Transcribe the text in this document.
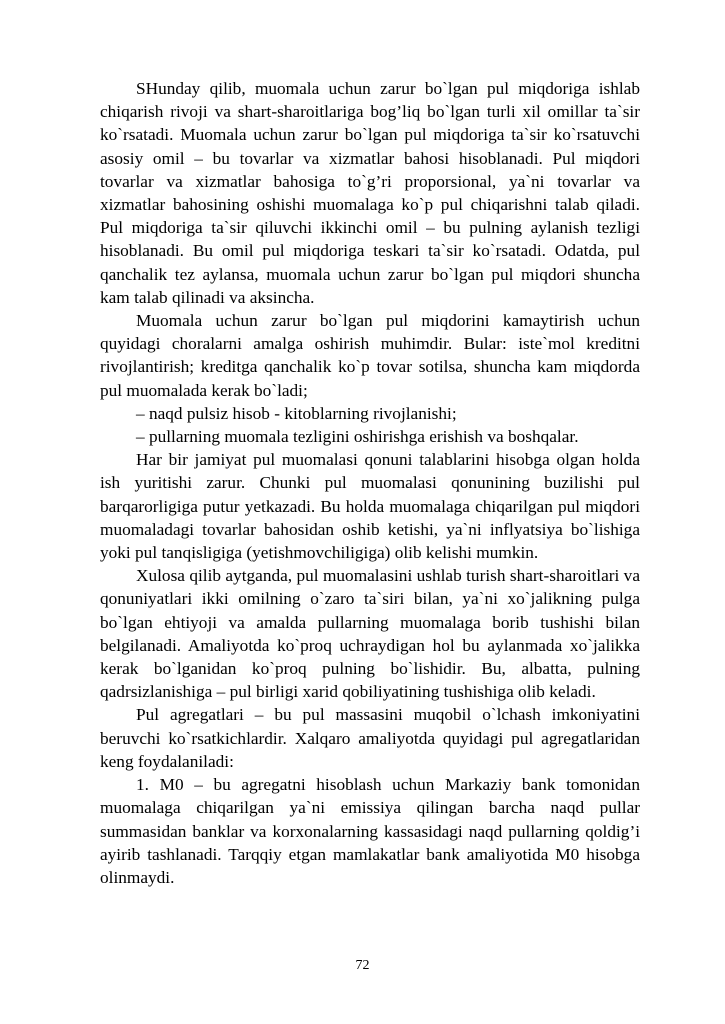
SHunday qilib, muomala uchun zarur bo`lgan pul miqdoriga ishlab chiqarish rivoji va shart-sharoitlariga bog’liq bo`lgan turli xil omillar ta`sir ko`rsatadi. Muomala uchun zarur bo`lgan pul miqdoriga ta`sir ko`rsatuvchi asosiy omil – bu tovarlar va xizmatlar bahosi hisoblanadi. Pul miqdori tovarlar va xizmatlar bahosiga to`g’ri proporsional, ya`ni tovarlar va xizmatlar bahosining oshishi muomalaga ko`p pul chiqarishni talab qiladi. Pul miqdoriga ta`sir qiluvchi ikkinchi omil – bu pulning aylanish tezligi hisoblanadi. Bu omil pul miqdoriga teskari ta`sir ko`rsatadi. Odatda, pul qanchalik tez aylansa, muomala uchun zarur bo`lgan pul miqdori shuncha kam talab qilinadi va aksincha.

Muomala uchun zarur bo`lgan pul miqdorini kamaytirish uchun quyidagi choralarni amalga oshirish muhimdir. Bular: iste`mol kreditni rivojlantirish; kreditga qanchalik ko`p tovar sotilsa, shuncha kam miqdorda pul muomalada kerak bo`ladi;

– naqd pulsiz hisob - kitoblarning rivojlanishi;

– pullarning muomala tezligini oshirishga erishish va boshqalar.

Har bir jamiyat pul muomalasi qonuni talablarini hisobga olgan holda ish yuritishi zarur. Chunki pul muomalasi qonunining buzilishi pul barqarorligiga putur yetkazadi. Bu holda muomalaga chiqarilgan pul miqdori muomaladagi tovarlar bahosidan oshib ketishi, ya`ni inflyatsiya bo`lishiga yoki pul tanqisligiga (yetishmovchiligiga) olib kelishi mumkin.

Xulosa qilib aytganda, pul muomalasini ushlab turish shart-sharoitlari va qonuniyatlari ikki omilning o`zaro ta`siri bilan, ya`ni xo`jalikning pulga bo`lgan ehtiyoji va amalda pullarning muomalaga borib tushishi bilan belgilanadi. Amaliyotda ko`proq uchraydigan hol bu aylanmada xo`jalikka kerak bo`lganidan ko`proq pulning bo`lishidir. Bu, albatta, pulning qadrsizlanishiga – pul birligi xarid qobiliyatining tushishiga olib keladi.

Pul agregatlari – bu pul massasini muqobil o`lchash imkoniyatini beruvchi ko`rsatkichlardir. Xalqaro amaliyotda quyidagi pul agregatlaridan keng foydalaniladi:

1. M0 – bu agregatni hisoblash uchun Markaziy bank tomonidan muomalaga chiqarilgan ya`ni emissiya qilingan barcha naqd pullar summasidan banklar va korxonalarning kassasidagi naqd pullarning qoldig’i ayirib tashlanadi. Tarqqiy etgan mamlakatlar bank amaliyotida M0 hisobga olinmaydi.

72
